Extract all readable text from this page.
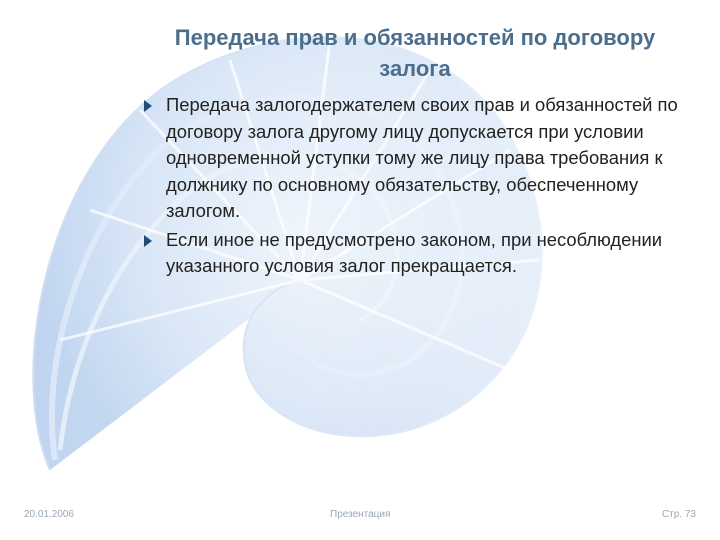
Передача прав и обязанностей по договору залога
Передача залогодержателем своих прав и обязанностей по договору залога другому лицу допускается при условии одновременной уступки тому же лицу права требования к должнику по основному обязательству, обеспеченному залогом.
Если иное не предусмотрено законом, при несоблюдении указанного условия залог прекращается.
20.01.2006	Презентация	Стр. 73
